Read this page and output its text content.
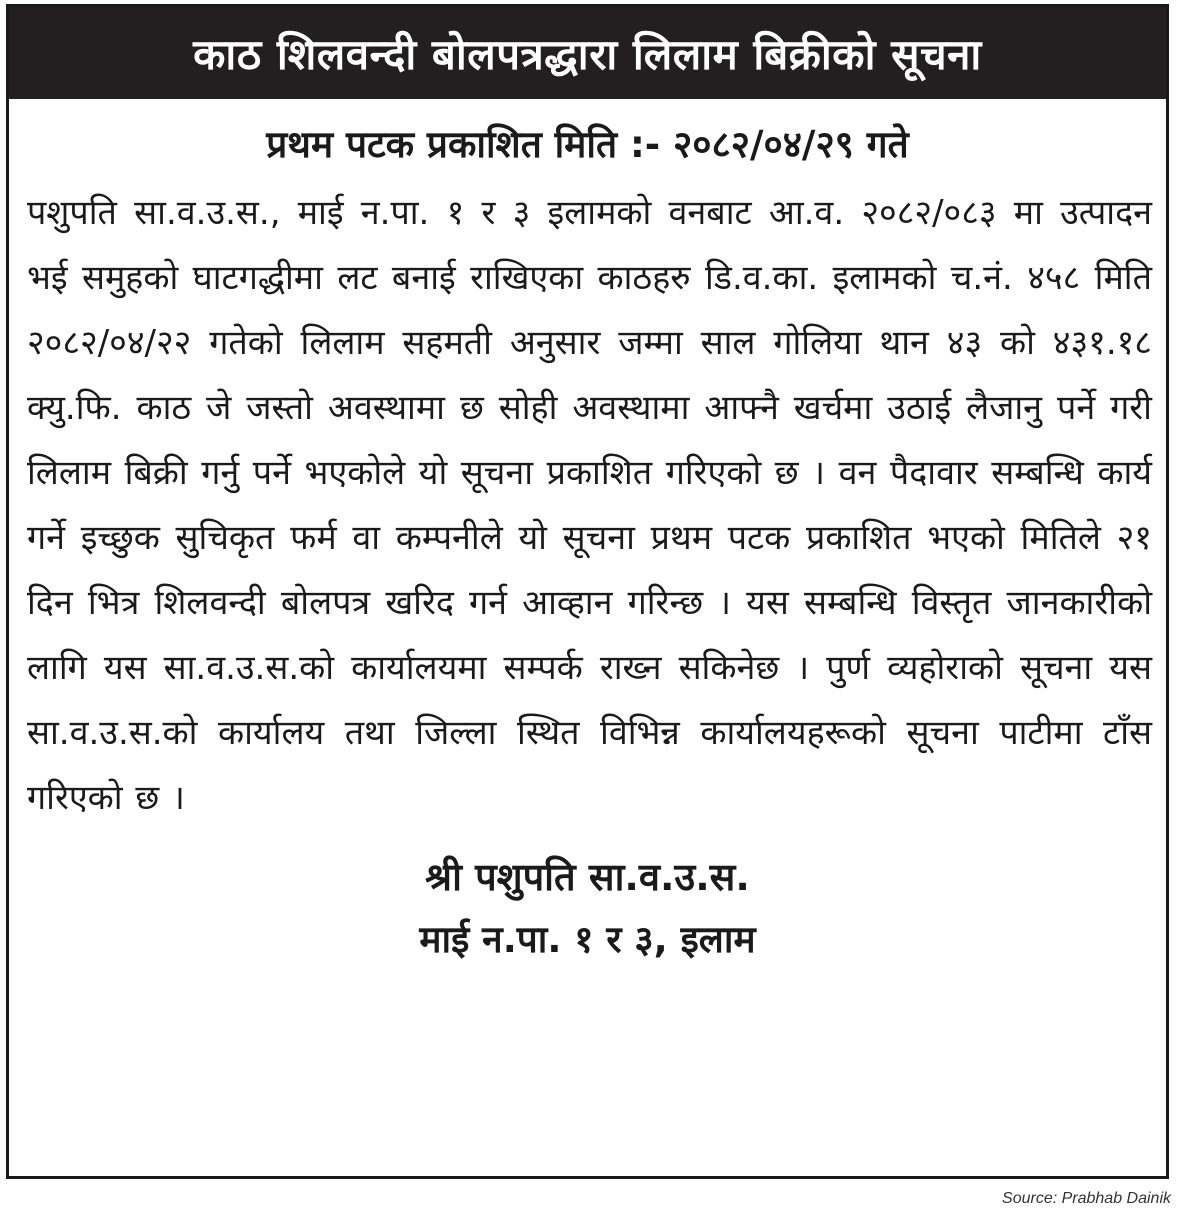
काठ शिलवन्दी बोलपत्रद्धारा लिलाम बिक्रीको सूचना
प्रथम पटक प्रकाशित मिति :- २०८२/०४/२९ गते
पशुपति सा.व.उ.स., माई न.पा. १ र ३ इलामको वनबाट आ.व. २०८२/०८३ मा उत्पादन भई समुहको घाटगद्धीमा लट बनाई राखिएका काठहरु डि.व.का. इलामको च.नं. ४५८ मिति २०८२/०४/२२ गतेको लिलाम सहमती अनुसार जम्मा साल गोलिया थान ४३ को ४३१.१८ क्यु.फि. काठ जे जस्तो अवस्थामा छ सोही अवस्थामा आफ्नै खर्चमा उठाई लैजानु पर्ने गरी लिलाम बिक्री गर्नु पर्ने भएकोले यो सूचना प्रकाशित गरिएको छ । वन पैदावार सम्बन्धि कार्य गर्ने इच्छुक सुचिकृत फर्म वा कम्पनीले यो सूचना प्रथम पटक प्रकाशित भएको मितिले २१ दिन भित्र शिलवन्दी बोलपत्र खरिद गर्न आव्हान गरिन्छ । यस सम्बन्धि विस्तृत जानकारीको लागि यस सा.व.उ.स.को कार्यालयमा सम्पर्क राख्न सकिनेछ । पुर्ण व्यहोराको सूचना यस सा.व.उ.स.को कार्यालय तथा जिल्ला स्थित विभिन्न कार्यालयहरूको सूचना पाटीमा टाँस गरिएको छ ।
श्री पशुपति सा.व.उ.स.
माई न.पा. १ र ३, इलाम
Source: Prabhab Dainik
